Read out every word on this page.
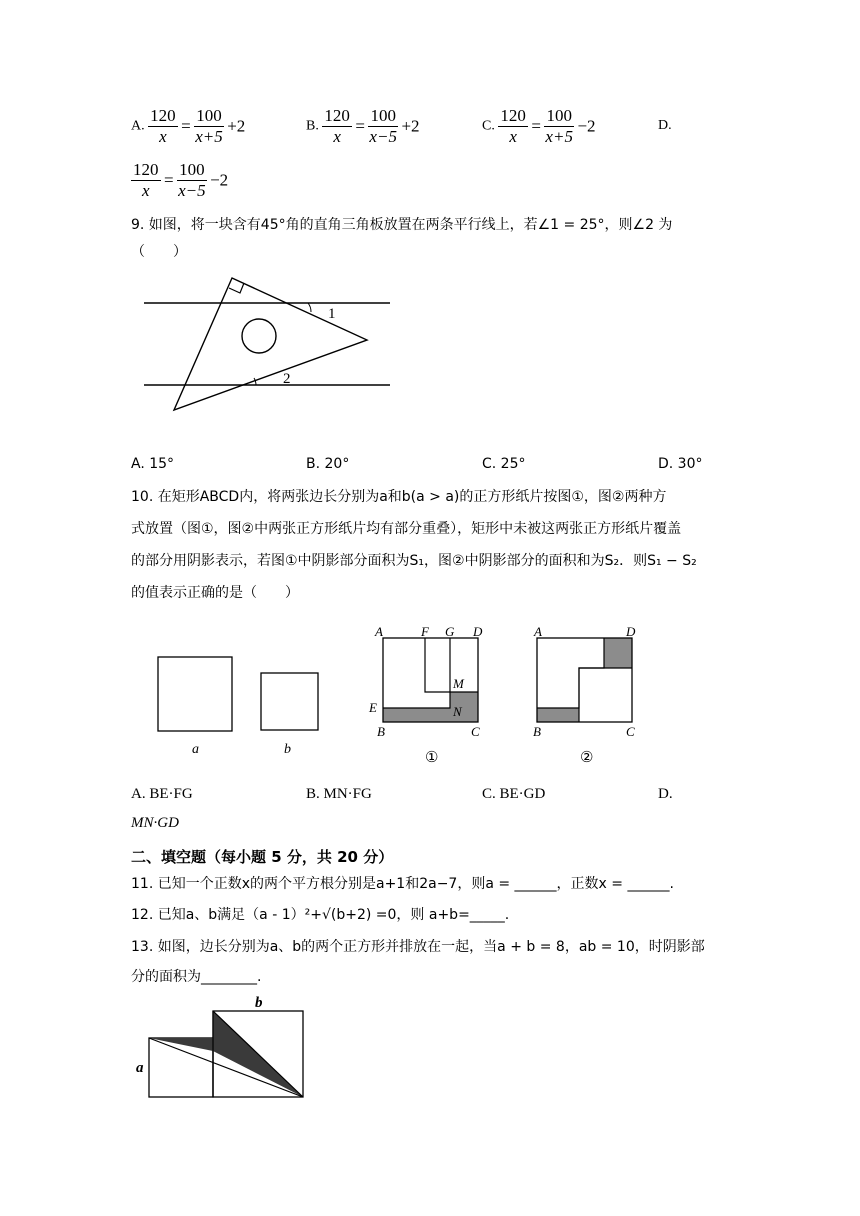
A. $\frac{120}{x} = \frac{100}{x+5} +2$	B. $\frac{120}{x} = \frac{100}{x-5} +2$	C. $\frac{120}{x} = \frac{100}{x+5} -2$	D.
$\frac{120}{x} = \frac{100}{x-5} -2$
9. 如图，将一块含有45°角的直角三角板放置在两条平行线上，若∠1 = 25°，则∠2 为
（　　）
1
2
A. 15°	B. 20°	C. 25°	D. 30°
10. 在矩形ABCD内，将两张边长分别为a和b(a > a)的正方形纸片按图①，图②两种方
式放置（图①，图②中两张正方形纸片均有部分重叠），矩形中未被这两张正方形纸片覆盖
的部分用阴影表示，若图①中阴影部分面积为S₁，图②中阴影部分的面积和为S₂．则S₁ − S₂
的值表示正确的是（　　）
a	b
A	F G D
M
N
E
B	C
①
A	D
B	C
②
A. BE·FG	B. MN·FG	C. BE·GD	D.
MN·GD
二、填空题（每小题 5 分，共 20 分）
11. 已知一个正数x的两个平方根分别是a+1和2a−7，则a = ______，正数x = ______.
12. 已知a、b满足（a - 1）²+√(b+2) =0，则 a+b=_____.
13. 如图，边长分别为a、b的两个正方形并排放在一起，当a + b = 8，ab = 10，时阴影部
分的面积为________.
a
b
